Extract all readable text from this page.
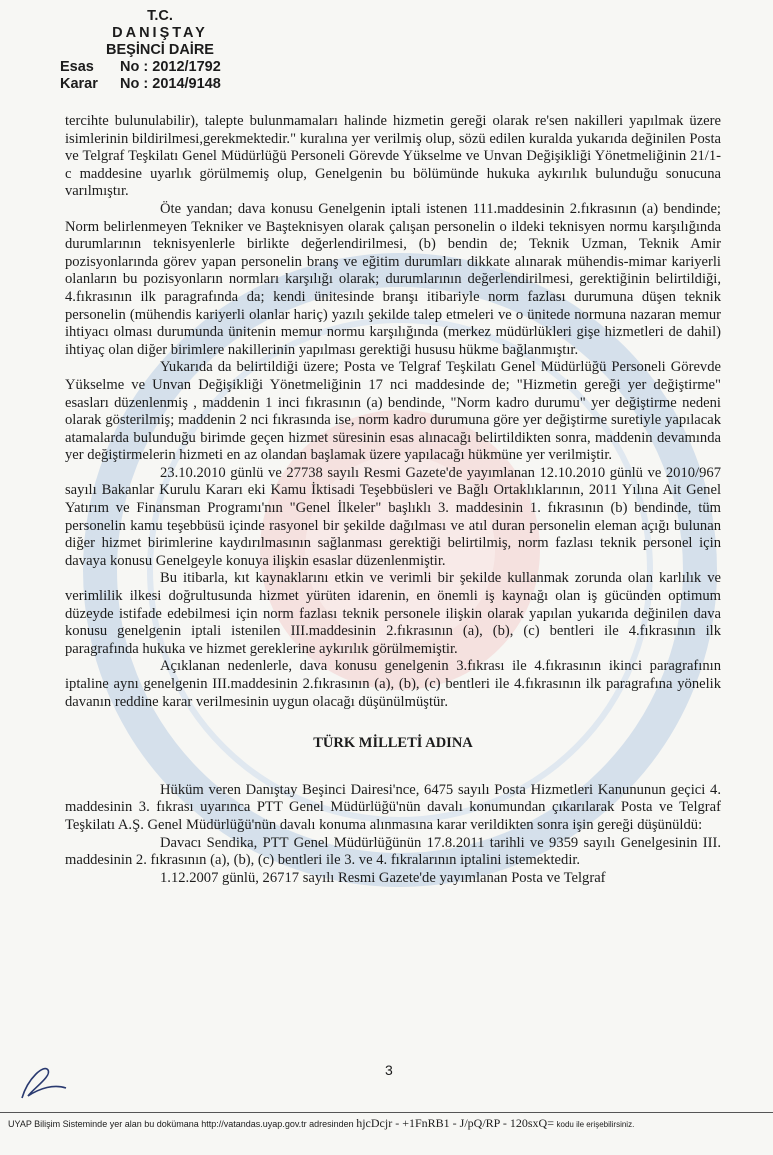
T.C.
DANIŞTAY
BEŞİNCİ DAİRE
Esas No : 2012/1792
Karar No : 2014/9148

tercihte bulunulabilir), talepte bulunmamaları halinde hizmetin gereği olarak re'sen nakilleri yapılmak üzere isimlerinin bildirilmesi,gerekmektedir." kuralına yer verilmiş olup, sözü edilen kuralda yukarıda değinilen Posta ve Telgraf Teşkilatı Genel Müdürlüğü Personeli Görevde Yükselme ve Unvan Değişikliği Yönetmeliğinin 21/1-c maddesine uyarlık görülmemiş olup, Genelgenin bu bölümünde hukuka aykırılık bulunduğu sonucuna varılmıştır.

Öte yandan; dava konusu Genelgenin iptali istenen 111.maddesinin 2.fıkrasının (a) bendinde; Norm belirlenmeyen Tekniker ve Başteknisyen olarak çalışan personelin o ildeki teknisyen normu karşılığında durumlarının teknisyenlerle birlikte değerlendirilmesi, (b) bendin de; Teknik Uzman, Teknik Amir pozisyonlarında görev yapan personelin branş ve eğitim durumları dikkate alınarak mühendis-mimar kariyerli olanların bu pozisyonların normları karşılığı olarak; durumlarının değerlendirilmesi, gerektiğinin belirtildiği, 4.fıkrasının ilk paragrafında da; kendi ünitesinde branşı itibariyle norm fazlası durumuna düşen teknik personelin (mühendis kariyerli olanlar hariç) yazılı şekilde talep etmeleri ve o ünitede normuna nazaran memur ihtiyacı olması durumunda ünitenin memur normu karşılığında (merkez müdürlükleri gişe hizmetleri de dahil) ihtiyaç olan diğer birimlere nakillerinin yapılması gerektiği hususu hükme bağlanmıştır.

Yukarıda da belirtildiği üzere; Posta ve Telgraf Teşkilatı Genel Müdürlüğü Personeli Görevde Yükselme ve Unvan Değişikliği Yönetmeliğinin 17 nci maddesinde de; "Hizmetin gereği yer değiştirme" esasları düzenlenmiş , maddenin 1 inci fıkrasının (a) bendinde, "Norm kadro durumu" yer değiştirme nedeni olarak gösterilmiş; maddenin 2 nci fıkrasında ise, norm kadro durumuna göre yer değiştirme suretiyle yapılacak atamalarda bulunduğu birimde geçen hizmet süresinin esas alınacağı belirtildikten sonra, maddenin devamında yer değiştirmelerin hizmeti en az olandan başlamak üzere yapılacağı hükmüne yer verilmiştir.

23.10.2010 günlü ve 27738 sayılı Resmi Gazete'de yayımlanan 12.10.2010 günlü ve 2010/967 sayılı Bakanlar Kurulu Kararı eki Kamu İktisadi Teşebbüsleri ve Bağlı Ortaklıklarının, 2011 Yılına Ait Genel Yatırım ve Finansman Programı'nın "Genel İlkeler" başlıklı 3. maddesinin 1. fıkrasının (b) bendinde, tüm personelin kamu teşebbüsü içinde rasyonel bir şekilde dağılması ve atıl duran personelin eleman açığı bulunan diğer hizmet birimlerine kaydırılmasının sağlanması gerektiği belirtilmiş, norm fazlası teknik personel için davaya konusu Genelgeyle konuya ilişkin esaslar düzenlenmiştir.

Bu itibarla, kıt kaynaklarını etkin ve verimli bir şekilde kullanmak zorunda olan karlılık ve verimlilik ilkesi doğrultusunda hizmet yürüten idarenin, en önemli iş kaynağı olan iş gücünden optimum düzeyde istifade edebilmesi için norm fazlası teknik personele ilişkin olarak yapılan yukarıda değinilen dava konusu genelgenin iptali istenilen III.maddesinin 2.fıkrasının (a), (b), (c) bentleri ile 4.fıkrasının ilk paragrafında hukuka ve hizmet gereklerine aykırılık görülmemiştir.

Açıklanan nedenlerle, dava konusu genelgenin 3.fıkrası ile 4.fıkrasının ikinci paragrafının iptaline aynı genelgenin III.maddesinin 2.fıkrasının (a), (b), (c) bentleri ile 4.fıkrasının ilk paragrafına yönelik davanın reddine karar verilmesinin uygun olacağı düşünülmüştür.

TÜRK MİLLETİ ADINA

Hüküm veren Danıştay Beşinci Dairesi'nce, 6475 sayılı Posta Hizmetleri Kanununun geçici 4. maddesinin 3. fıkrası uyarınca PTT Genel Müdürlüğü'nün davalı konumundan çıkarılarak Posta ve Telgraf Teşkilatı A.Ş. Genel Müdürlüğü'nün davalı konuma alınmasına karar verildikten sonra işin gereği düşünüldü:

Davacı Sendika, PTT Genel Müdürlüğünün 17.8.2011 tarihli ve 9359 sayılı Genelgesinin III. maddesinin 2. fıkrasının (a), (b), (c) bentleri ile 3. ve 4. fıkralarının iptalini istemektedir.

1.12.2007 günlü, 26717 sayılı Resmi Gazete'de yayımlanan Posta ve Telgraf

3
UYAP Bilişim Sisteminde yer alan bu dokümana http://vatandas.uyap.gov.tr adresinden hjcDcjr - +1FnRB1 - J/pQ/RP - 120sxQ= kodu ile erişebilirsiniz.
